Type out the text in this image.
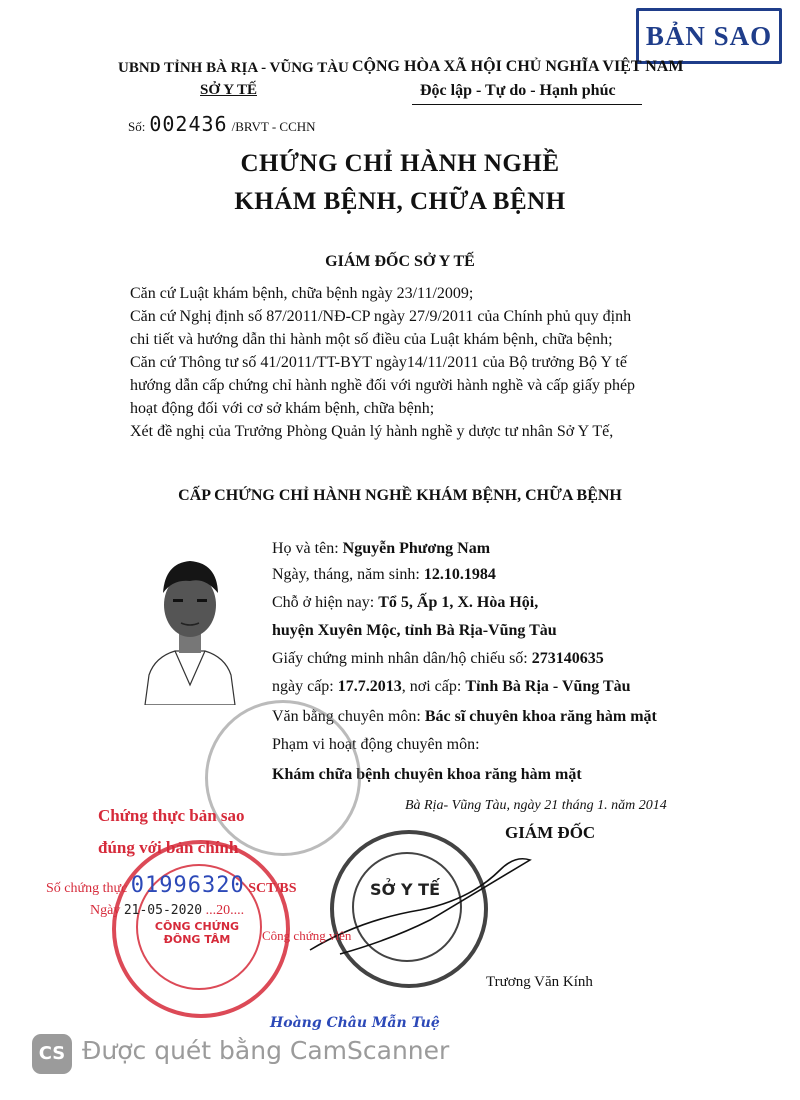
BẢN SAO
UBND TỈNH BÀ RỊA - VŨNG TÀU
SỞ Y TẾ
CỘNG HÒA XÃ HỘI CHỦ NGHĨA VIỆT NAM
Độc lập - Tự do - Hạnh phúc
Số: 002436 /BRVT - CCHN
CHỨNG CHỈ HÀNH NGHỀ
KHÁM BỆNH, CHỮA BỆNH
GIÁM ĐỐC SỞ Y TẾ
Căn cứ Luật khám bệnh, chữa bệnh ngày 23/11/2009;
Căn cứ Nghị định số 87/2011/NĐ-CP ngày 27/9/2011 của Chính phủ quy định
chi tiết và hướng dẫn thi hành một số điều của Luật khám bệnh, chữa bệnh;
Căn cứ Thông tư số 41/2011/TT-BYT ngày14/11/2011 của Bộ trưởng Bộ Y tế
hướng dẫn cấp chứng chỉ hành nghề đối với người hành nghề và cấp giấy phép
hoạt động đối với cơ sở khám bệnh, chữa bệnh;
Xét đề nghị của Trưởng Phòng Quản lý hành nghề y dược tư nhân Sở Y Tế,
CẤP CHỨNG CHỈ HÀNH NGHỀ KHÁM BỆNH, CHỮA BỆNH
Họ và tên: Nguyễn Phương Nam
Ngày, tháng, năm sinh: 12.10.1984
Chỗ ở hiện nay: Tổ 5, Ấp 1, X. Hòa Hội,
huyện Xuyên Mộc, tỉnh Bà Rịa-Vũng Tàu
Giấy chứng minh nhân dân/hộ chiếu số: 273140635
ngày cấp: 17.7.2013, nơi cấp: Tỉnh Bà Rịa - Vũng Tàu
Văn bằng chuyên môn: Bác sĩ chuyên khoa răng hàm mặt
Phạm vi hoạt động chuyên môn:
Khám chữa bệnh chuyên khoa răng hàm mặt
Bà Rịa- Vũng Tàu, ngày 21 tháng 1. năm 2014
GIÁM ĐỐC
SỞ Y TẾ
Trương Văn Kính
Chứng thực bản sao
đúng với bản chính
CÔNG CHỨNG ĐÔNG TÂM
Số chứng thực 01996320 SCT/BS
Ngày 21-05-2020 ...20....
Công chứng viên
Hoàng Châu Mẫn Tuệ
CS Được quét bằng CamScanner
